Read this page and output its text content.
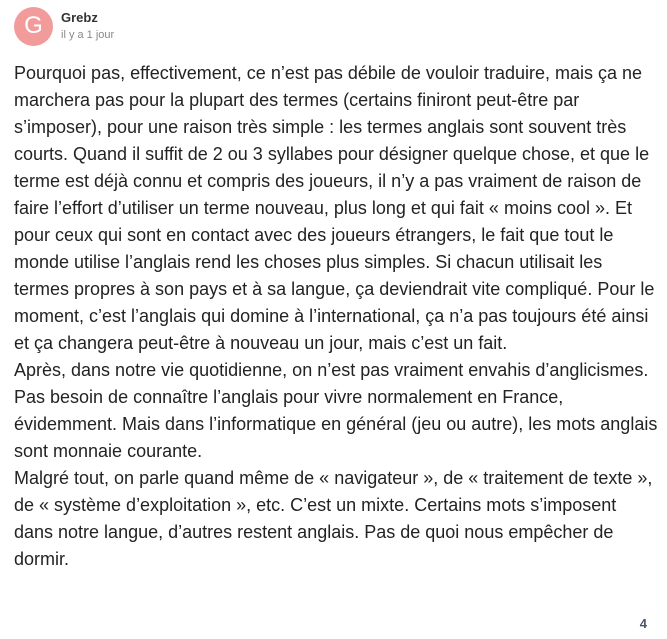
G Grebz
il y a 1 jour

Pourquoi pas, effectivement, ce n’est pas débile de vouloir traduire, mais ça ne marchera pas pour la plupart des termes (certains finiront peut-être par s’imposer), pour une raison très simple : les termes anglais sont souvent très courts. Quand il suffit de 2 ou 3 syllabes pour désigner quelque chose, et que le terme est déjà connu et compris des joueurs, il n’y a pas vraiment de raison de faire l’effort d’utiliser un terme nouveau, plus long et qui fait « moins cool ». Et pour ceux qui sont en contact avec des joueurs étrangers, le fait que tout le monde utilise l’anglais rend les choses plus simples. Si chacun utilisait les termes propres à son pays et à sa langue, ça deviendrait vite compliqué. Pour le moment, c’est l’anglais qui domine à l’international, ça n’a pas toujours été ainsi et ça changera peut-être à nouveau un jour, mais c’est un fait.

Après, dans notre vie quotidienne, on n’est pas vraiment envahis d’anglicismes. Pas besoin de connaître l’anglais pour vivre normalement en France, évidemment. Mais dans l’informatique en général (jeu ou autre), les mots anglais sont monnaie courante.

Malgré tout, on parle quand même de « navigateur », de « traitement de texte », de « système d’exploitation », etc. C’est un mixte. Certains mots s’imposent dans notre langue, d’autres restent anglais. Pas de quoi nous empêcher de dormir.

4
